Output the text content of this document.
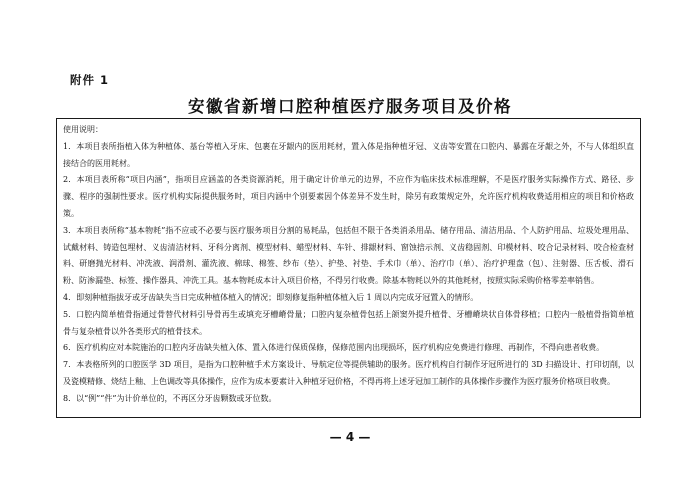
附件 1
安徽省新增口腔种植医疗服务项目及价格
使用说明：
1．本项目表所指植入体为种植体、基台等植入牙床、包裹在牙龈内的医用耗材，置入体是指种植牙冠、义齿等安置在口腔内、暴露在牙龈之外，不与人体组织直接结合的医用耗材。
2．本项目表所称“项目内涵”，指项目应涵盖的各类资源消耗，用于确定计价单元的边界，不应作为临床技术标准理解，不是医疗服务实际操作方式、路径、步骤、程序的强制性要求。医疗机构实际提供服务时，项目内涵中个别要素因个体差异不发生时，除另有政策规定外，允许医疗机构收费适用相应的项目和价格政策。
3．本项目表所称“基本物耗”指不应或不必要与医疗服务项目分割的易耗品，包括但不限于各类消杀用品、储存用品、清洁用品、个人防护用品、垃圾处理用品、试戴材料、铸造包埋材、义齿清洁材料、牙科分离剂、模型材料、蜡型材料、车针、排龈材料、窗蚀掊示剂、义齿稳固剂、印模材料、咬合记录材料、咬合检查材料、研磨抛光材料、冲洗液、润滑剂、灌洗液、棉球、棉签、纱布（垫）、护垫、衬垫、手术巾（单）、治疗巾（单）、治疗护理盘（包）、注射器、压舌板、滑石粉、防渗漏垫、标签、操作器具、冲洗工具。基本物耗成本计入项目价格，不得另行收费。除基本物耗以外的其他耗材，按照实际采购价格零差率销售。
4．即刻种植指拔牙或牙齿缺失当日完成种植体植入的情况；即刻修复指种植体植入后 1 周以内完成牙冠置入的情形。
5．口腔内简单植骨指通过骨替代材料引导骨再生或填充牙槽嵴骨量；口腔内复杂植骨包括上颌窦外提升植骨、牙槽嵴块状自体骨移植；口腔内一般植骨指简单植骨与复杂植骨以外各类形式的植骨技术。
6．医疗机构应对本院施治的口腔内牙齿缺失植入体、置入体进行保质保修，保修范围内出现损坏，医疗机构应免费进行修理、再制作，不得向患者收费。
7．本表格所列的口腔医学 3D 项目，是指为口腔种植手术方案设计、导航定位等提供辅助的服务。医疗机构自行制作牙冠所进行的 3D 扫描设计、打印切削，以及瓷模精修、烧结上釉、上色调改等具体操作，应作为成本要素计入种植牙冠价格，不得再将上述牙冠加工制作的具体操作步骤作为医疗服务价格项目收费。
8．以“例”“件”为计价单位的，不再区分牙齿颗数或牙位数。
— 4 —
